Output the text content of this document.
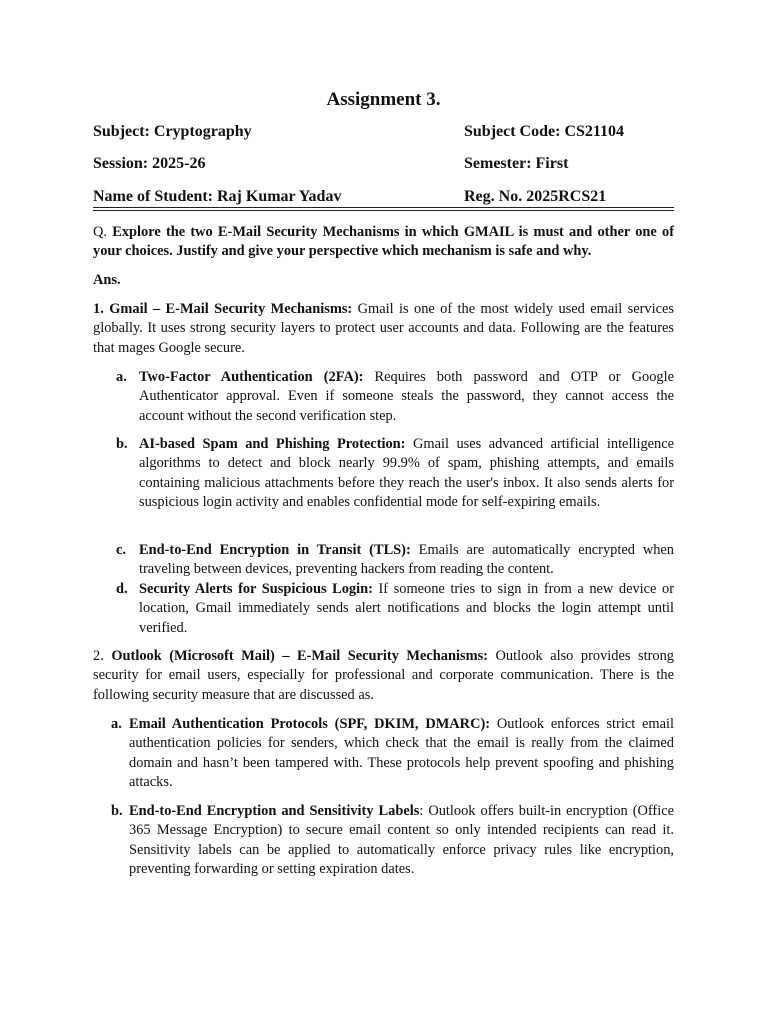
Assignment 3.
Subject: Cryptography	Subject Code: CS21104
Session: 2025-26	Semester: First
Name of Student: Raj Kumar Yadav	Reg. No. 2025RCS21

Q. Explore the two E-Mail Security Mechanisms in which GMAIL is must and other one of your choices. Justify and give your perspective which mechanism is safe and why.

Ans.

1. Gmail – E-Mail Security Mechanisms: Gmail is one of the most widely used email services globally. It uses strong security layers to protect user accounts and data. Following are the features that mages Google secure.

a. Two-Factor Authentication (2FA): Requires both password and OTP or Google Authenticator approval. Even if someone steals the password, they cannot access the account without the second verification step.

b. AI-based Spam and Phishing Protection: Gmail uses advanced artificial intelligence algorithms to detect and block nearly 99.9% of spam, phishing attempts, and emails containing malicious attachments before they reach the user's inbox. It also sends alerts for suspicious login activity and enables confidential mode for self-expiring emails.

c. End-to-End Encryption in Transit (TLS): Emails are automatically encrypted when traveling between devices, preventing hackers from reading the content.

d. Security Alerts for Suspicious Login: If someone tries to sign in from a new device or location, Gmail immediately sends alert notifications and blocks the login attempt until verified.

2. Outlook (Microsoft Mail) – E-Mail Security Mechanisms: Outlook also provides strong security for email users, especially for professional and corporate communication. There is the following security measure that are discussed as.

a. Email Authentication Protocols (SPF, DKIM, DMARC): Outlook enforces strict email authentication policies for senders, which check that the email is really from the claimed domain and hasn’t been tampered with. These protocols help prevent spoofing and phishing attacks.

b. End-to-End Encryption and Sensitivity Labels: Outlook offers built-in encryption (Office 365 Message Encryption) to secure email content so only intended recipients can read it. Sensitivity labels can be applied to automatically enforce privacy rules like encryption, preventing forwarding or setting expiration dates.
